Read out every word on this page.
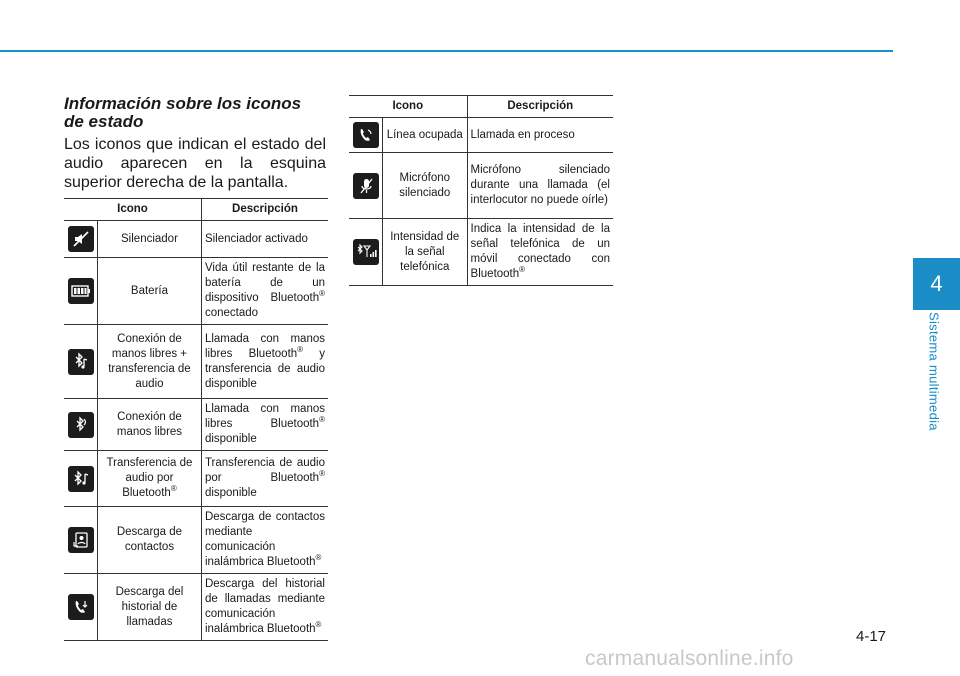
4
Sistema multimedia
Información sobre los iconos
de estado
Los iconos que indican el estado del audio aparecen en la esquina superior derecha de la pantalla.
Icono		Descripción

	Silenciador	Silenciador activado

	Batería	Vida útil restante de la batería de un dispositivo Bluetooth® conectado

	Conexión de manos libres + transferencia de audio	Llamada con manos libres Bluetooth® y transferencia de audio disponible

	Conexión de manos libres	Llamada con manos libres Bluetooth® disponible

	Transferencia de audio por Bluetooth®	Transferencia de audio por Bluetooth® disponible

	Descarga de contactos	Descarga de contactos mediante comunicación inalámbrica Bluetooth®

	Descarga del historial de llamadas	Descarga del historial de llamadas mediante comunicación inalámbrica Bluetooth®
Icono		Descripción

	Línea ocupada	Llamada en proceso

	Micrófono silenciado	Micrófono silenciado durante una llamada (el interlocutor no puede oírle)

	Intensidad de la señal telefónica	Indica la intensidad de la señal telefónica de un móvil conectado con Bluetooth®
4-17
carmanualsonline.info
